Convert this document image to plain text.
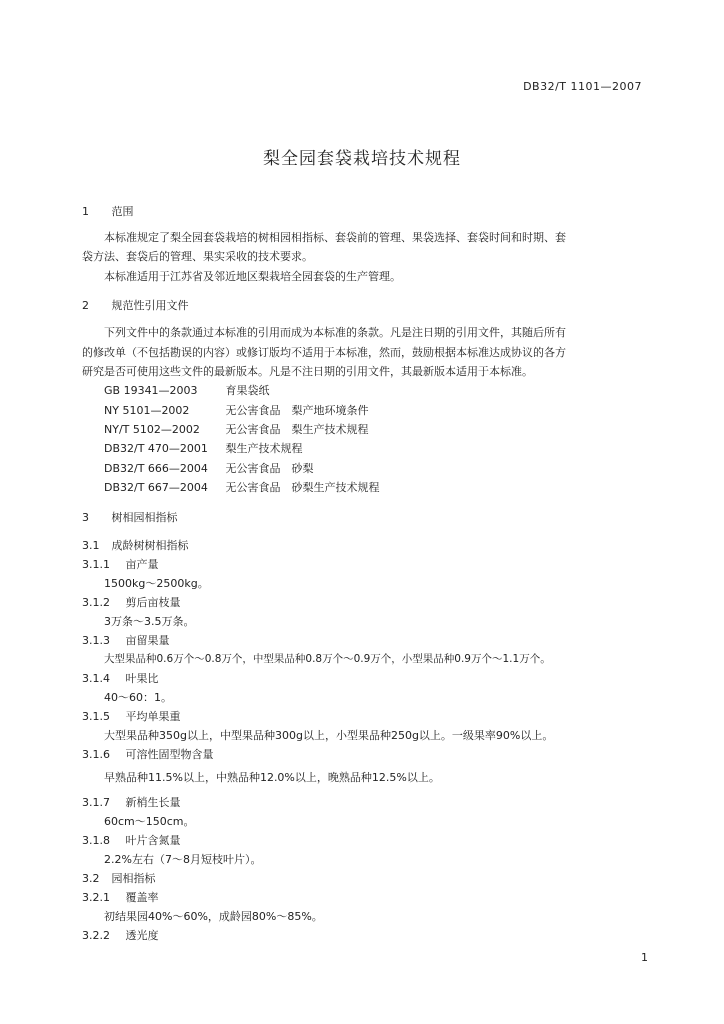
DB32/T 1101—2007
梨全园套袋栽培技术规程
1 范围
本标准规定了梨全园套袋栽培的树相园相指标、套袋前的管理、果袋选择、套袋时间和时期、套
袋方法、套袋后的管理、果实采收的技术要求。
本标准适用于江苏省及邻近地区梨栽培全园套袋的生产管理。
2 规范性引用文件
下列文件中的条款通过本标准的引用而成为本标准的条款。凡是注日期的引用文件，其随后所有
的修改单（不包括勘误的内容）或修订版均不适用于本标准，然而，鼓励根据本标准达成协议的各方
研究是否可使用这些文件的最新版本。凡是不注日期的引用文件，其最新版本适用于本标准。
GB 19341—2003	育果袋纸
NY 5101—2002	无公害食品　梨产地环境条件
NY/T 5102—2002 无公害食品　梨生产技术规程
DB32/T 470—2001 梨生产技术规程
DB32/T 666—2004 无公害食品　砂梨
DB32/T 667—2004 无公害食品　砂梨生产技术规程
3 树相园相指标
3.1 成龄树树相指标
3.1.1 亩产量
1500kg～2500kg。
3.1.2 剪后亩枝量
3万条～3.5万条。
3.1.3 亩留果量
大型果品种0.6万个～0.8万个，中型果品种0.8万个～0.9万个，小型果品种0.9万个～1.1万个。
3.1.4 叶果比
40～60：1。
3.1.5 平均单果重
大型果品种350g以上，中型果品种300g以上，小型果品种250g以上。一级果率90%以上。
3.1.6 可溶性固型物含量
早熟品种11.5%以上，中熟品种12.0%以上，晚熟品种12.5%以上。
3.1.7 新梢生长量
60cm～150cm。
3.1.8 叶片含氮量
2.2%左右（7～8月短枝叶片）。
3.2 园相指标
3.2.1 覆盖率
初结果园40%～60%，成龄园80%～85%。
3.2.2 透光度
1
